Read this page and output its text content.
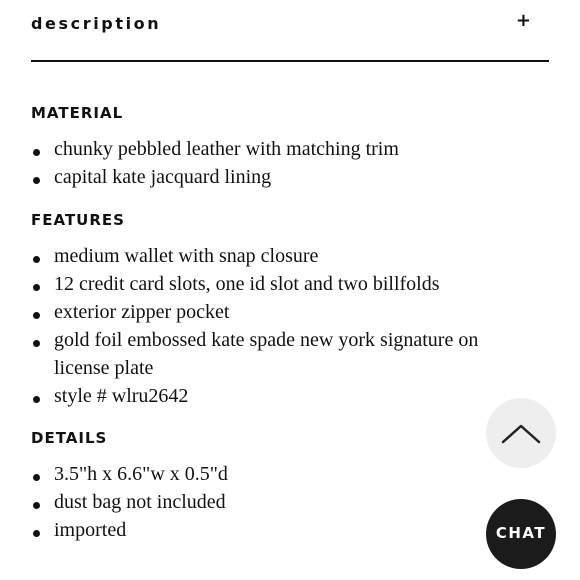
description	+
MATERIAL
chunky pebbled leather with matching trim
capital kate jacquard lining
FEATURES
medium wallet with snap closure
12 credit card slots, one id slot and two billfolds
exterior zipper pocket
gold foil embossed kate spade new york signature on license plate
style # wlru2642
DETAILS
3.5"h x 6.6"w x 0.5"d
dust bag not included
imported	CHAT
